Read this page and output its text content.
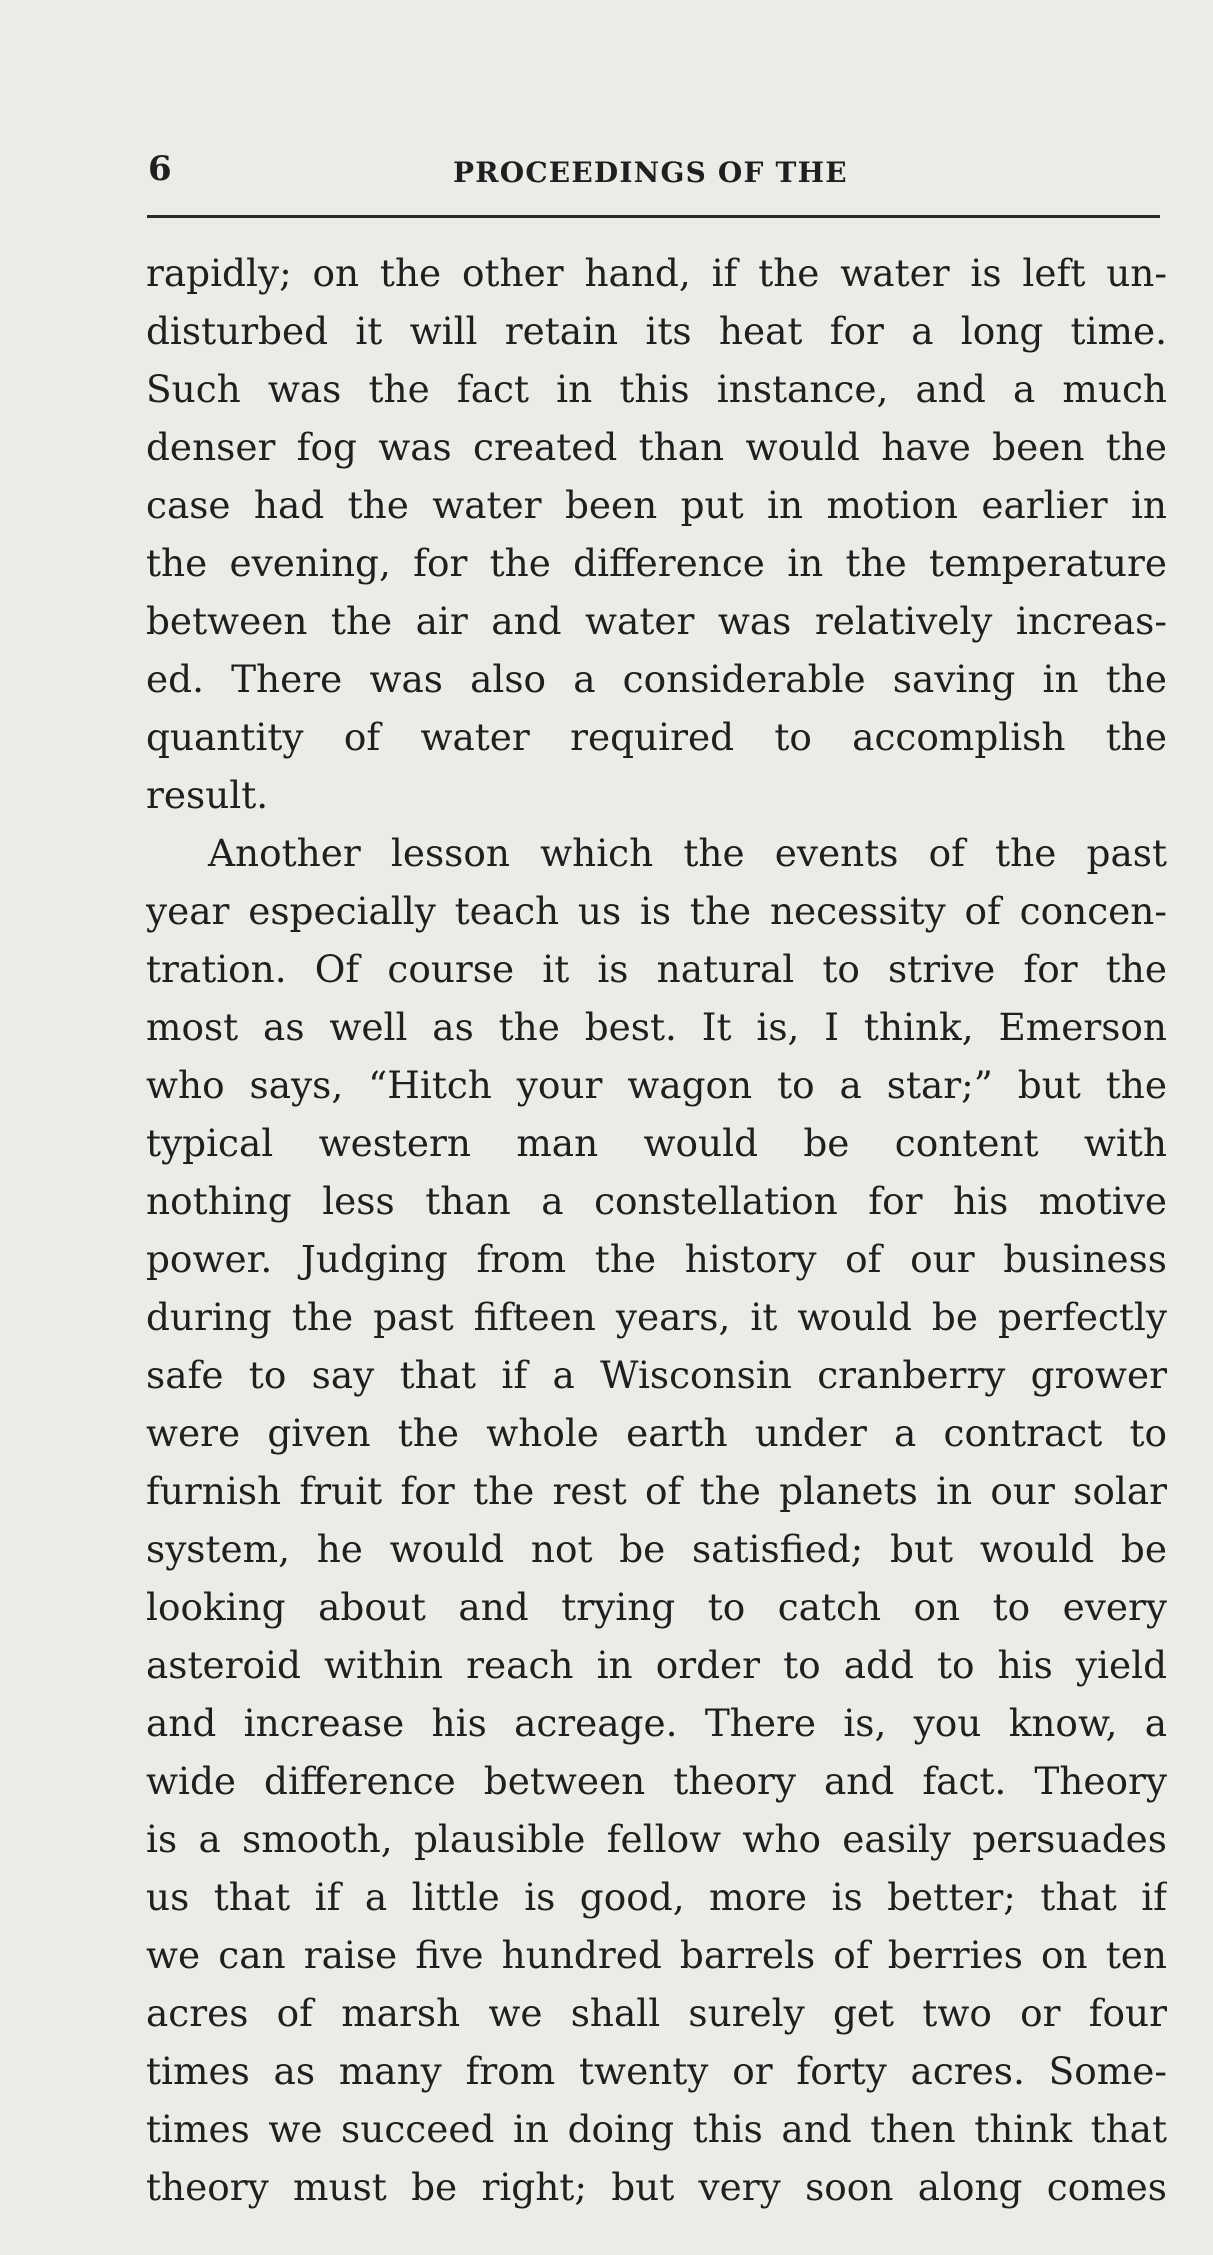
6	PROCEEDINGS OF THE
rapidly; on the other hand, if the water is left un-
disturbed it will retain its heat for a long time.
Such was the fact in this instance, and a much
denser fog was created than would have been the
case had the water been put in motion earlier in
the evening, for the difference in the temperature
between the air and water was relatively increas-
ed. There was also a considerable saving in the
quantity of water required to accomplish the
result.
Another lesson which the events of the past
year especially teach us is the necessity of concen-
tration. Of course it is natural to strive for the
most as well as the best. It is, I think, Emerson
who says, “Hitch your wagon to a star;” but the
typical western man would be content with
nothing less than a constellation for his motive
power. Judging from the history of our business
during the past fifteen years, it would be perfectly
safe to say that if a Wisconsin cranberry grower
were given the whole earth under a contract to
furnish fruit for the rest of the planets in our solar
system, he would not be satisfied; but would be
looking about and trying to catch on to every
asteroid within reach in order to add to his yield
and increase his acreage. There is, you know, a
wide difference between theory and fact. Theory
is a smooth, plausible fellow who easily persuades
us that if a little is good, more is better; that if
we can raise five hundred barrels of berries on ten
acres of marsh we shall surely get two or four
times as many from twenty or forty acres. Some-
times we succeed in doing this and then think that
theory must be right; but very soon along comes
